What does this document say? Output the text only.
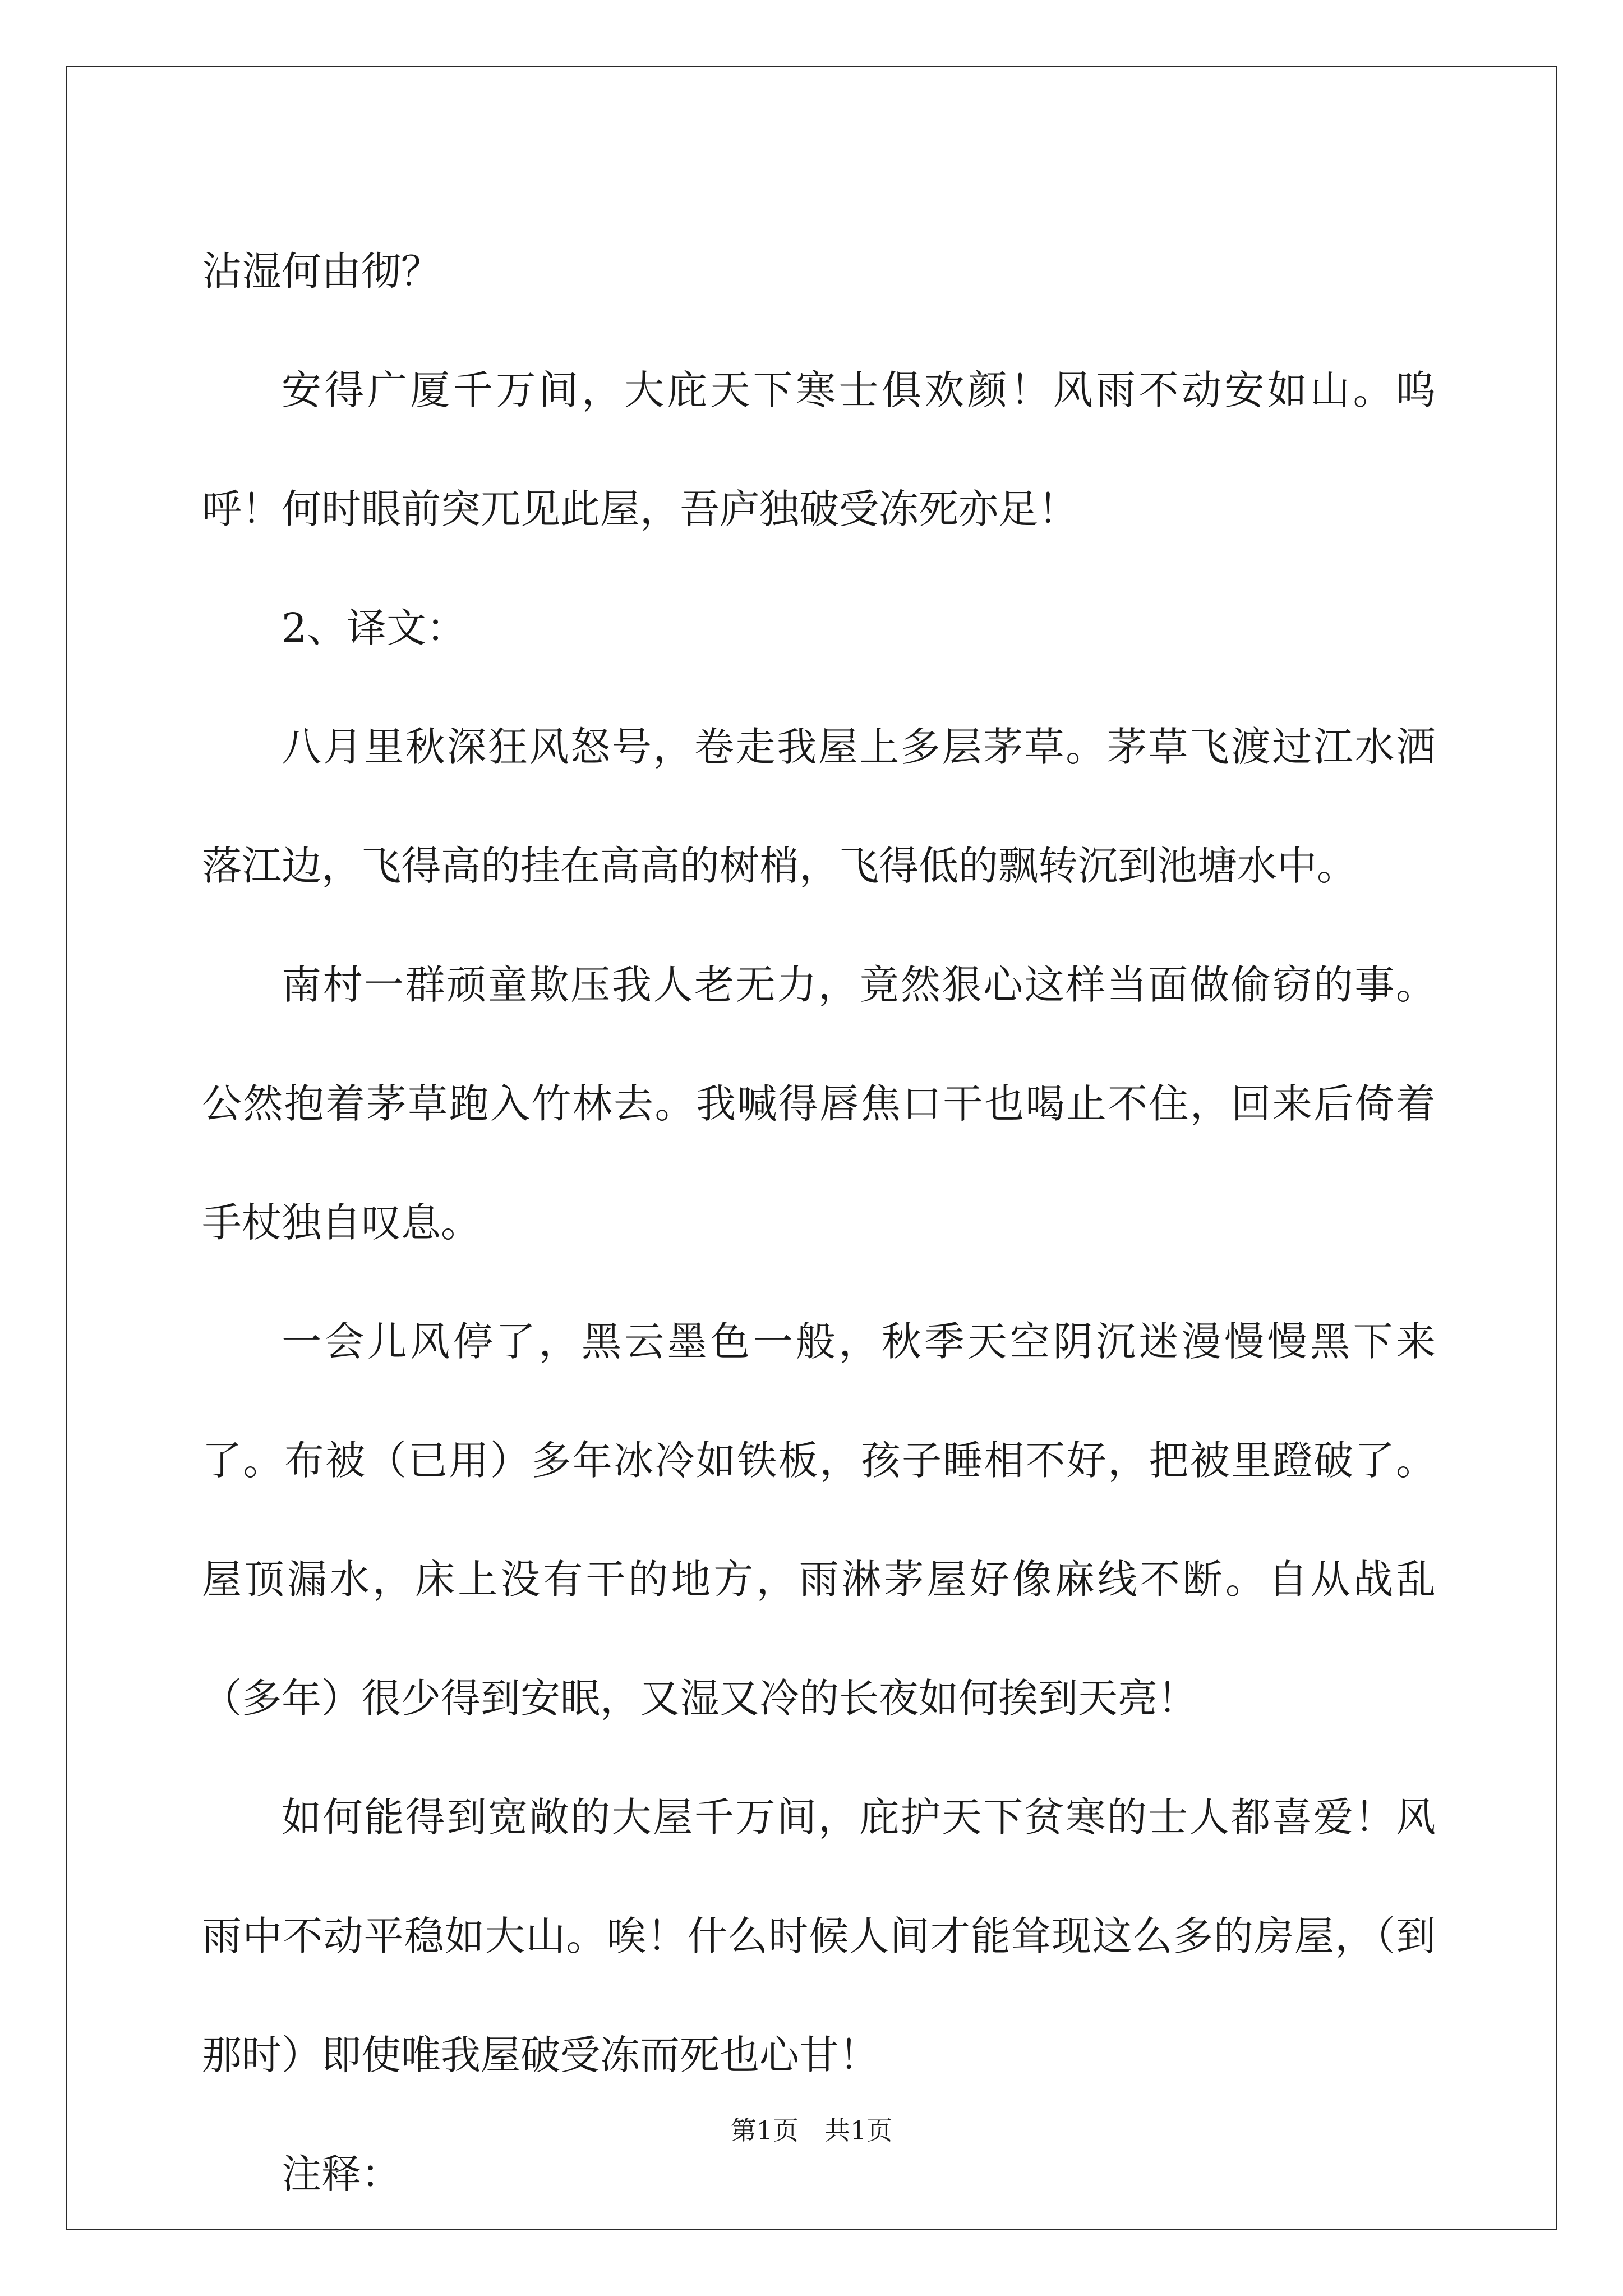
沾湿何由彻？

安得广厦千万间，大庇天下寒士俱欢颜！风雨不动安如山。呜呼！何时眼前突兀见此屋，吾庐独破受冻死亦足！

2、译文：

八月里秋深狂风怒号，卷走我屋上多层茅草。茅草飞渡过江水洒落江边，飞得高的挂在高高的树梢，飞得低的飘转沉到池塘水中。

南村一群顽童欺压我人老无力，竟然狠心这样当面做偷窃的事。公然抱着茅草跑入竹林去。我喊得唇焦口干也喝止不住，回来后倚着手杖独自叹息。

一会儿风停了，黑云墨色一般，秋季天空阴沉迷漫慢慢黑下来了。布被（已用）多年冰冷如铁板，孩子睡相不好，把被里蹬破了。屋顶漏水，床上没有干的地方，雨淋茅屋好像麻线不断。自从战乱（多年）很少得到安眠，又湿又冷的长夜如何挨到天亮！

如何能得到宽敞的大屋千万间，庇护天下贫寒的士人都喜爱！风雨中不动平稳如大山。唉！什么时候人间才能耸现这么多的房屋，（到那时）即使唯我屋破受冻而死也心甘！

注释：

第1页　共1页
